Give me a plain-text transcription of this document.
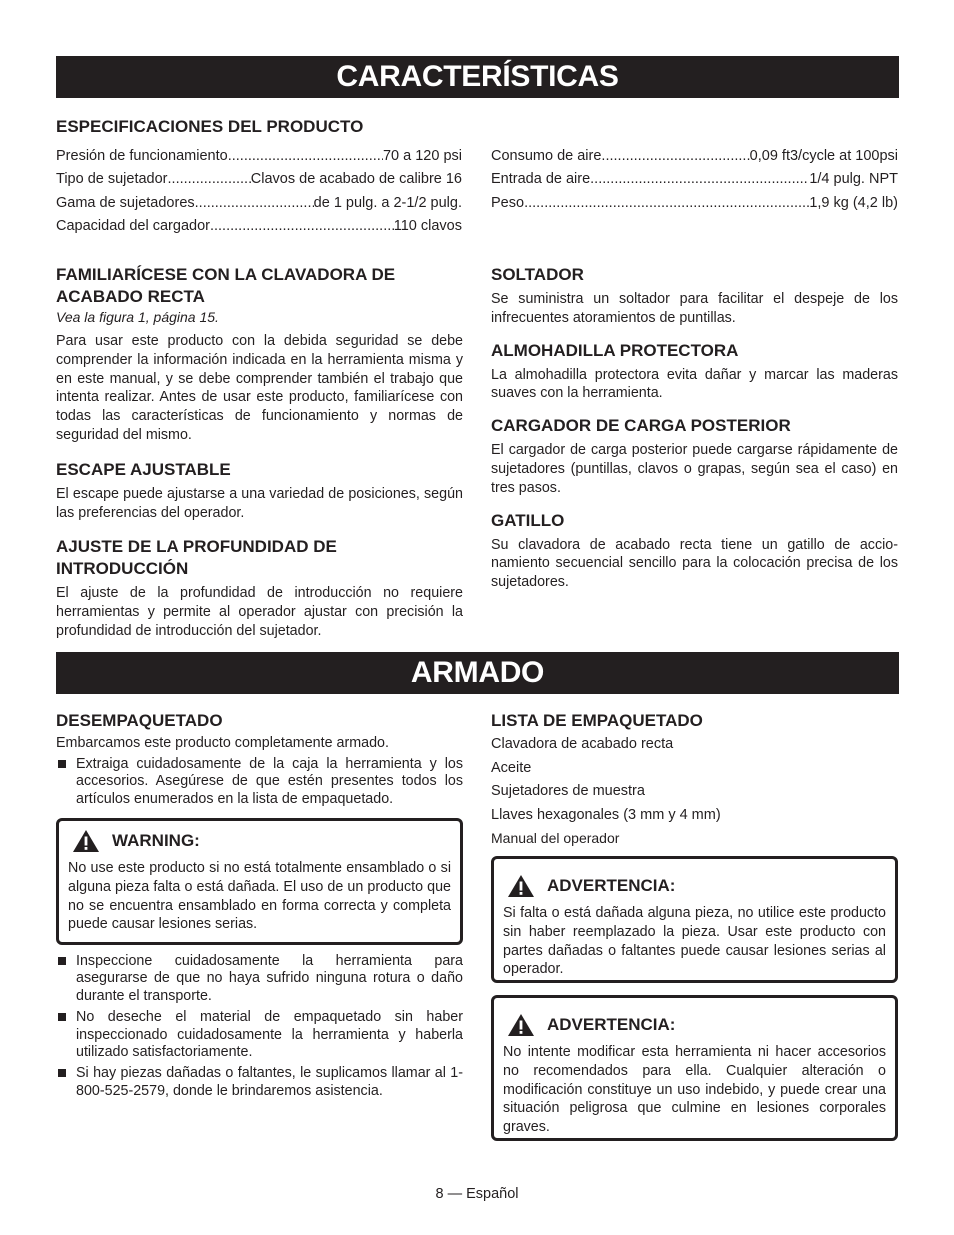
CARACTERÍSTICAS
ESPECIFICACIONES DEL PRODUCTO
Presión de funcionamiento .....	70 a 120 psi
Tipo de sujetador .....	Clavos de acabado de calibre 16
Gama de sujetadores .....	de 1 pulg. a 2-1/2 pulg.
Capacidad del cargador .....	110 clavos
Consumo de aire .....	0,09 ft3/cycle at 100psi
Entrada de aire .....	1/4 pulg. NPT
Peso .....	1,9 kg (4,2 lb)
FAMILIARÍCESE CON LA CLAVADORA DE ACABADO RECTA

Vea la figura 1, página 15.

Para usar este producto con la debida seguridad se debe comprender la información indicada en la herramienta misma y en este manual, y se debe comprender también el trabajo que intenta realizar. Antes de usar este producto, familiarícese con todas las características de funcionamiento y normas de seguridad del mismo.

ESCAPE AJUSTABLE

El escape puede ajustarse a una variedad de posiciones, según las preferencias del operador.

AJUSTE DE LA PROFUNDIDAD DE INTRODUCCIÓN

El ajuste de la profundidad de introducción no requiere herramientas y permite al operador ajustar con precisión la profundidad de introducción del sujetador.

SOLTADOR

Se suministra un soltador para facilitar el despeje de los infrecuentes atoramientos de puntillas.

ALMOHADILLA PROTECTORA

La almohadilla protectora evita dañar y marcar las maderas suaves con la herramienta.

CARGADOR DE CARGA POSTERIOR

El cargador de carga posterior puede cargarse rápidamente de sujetadores (puntillas, clavos o grapas, según sea el caso) en tres pasos.

GATILLO

Su clavadora de acabado recta tiene un gatillo de accio-namiento secuencial sencillo para la colocación precisa de los sujetadores.

ARMADO
DESEMPAQUETADO

Embarcamos este producto completamente armado.

Extraiga cuidadosamente de la caja la herramienta y los accesorios. Asegúrese de que estén presentes todos los artículos enumerados en la lista de empaquetado.
WARNING:

No use este producto si no está totalmente ensamblado o si alguna pieza falta o está dañada. El uso de un producto que no se encuentra ensamblado en forma correcta y completa puede causar lesiones serias.

Inspeccione cuidadosamente la herramienta para asegurarse de que no haya sufrido ninguna rotura o daño durante el transporte.
No deseche el material de empaquetado sin haber inspeccionado cuidadosamente la herramienta y haberla utilizado satisfactoriamente.
Si hay piezas dañadas o faltantes, le suplicamos llamar al 1-800-525-2579, donde le brindaremos asistencia.
LISTA DE EMPAQUETADO

Clavadora de acabado recta

Aceite

Sujetadores de muestra

Llaves hexagonales (3 mm y 4 mm)

Manual del operador

ADVERTENCIA:

Si falta o está dañada alguna pieza, no utilice este producto sin haber reemplazado la pieza. Usar este producto con partes dañadas o faltantes puede causar lesiones serias al operador.

ADVERTENCIA:

No intente modificar esta herramienta ni hacer accesorios no recomendados para ella. Cualquier alteración o modificación constituye un uso indebido, y puede crear una situación peligrosa que culmine en lesiones corporales graves.

8 — Español
